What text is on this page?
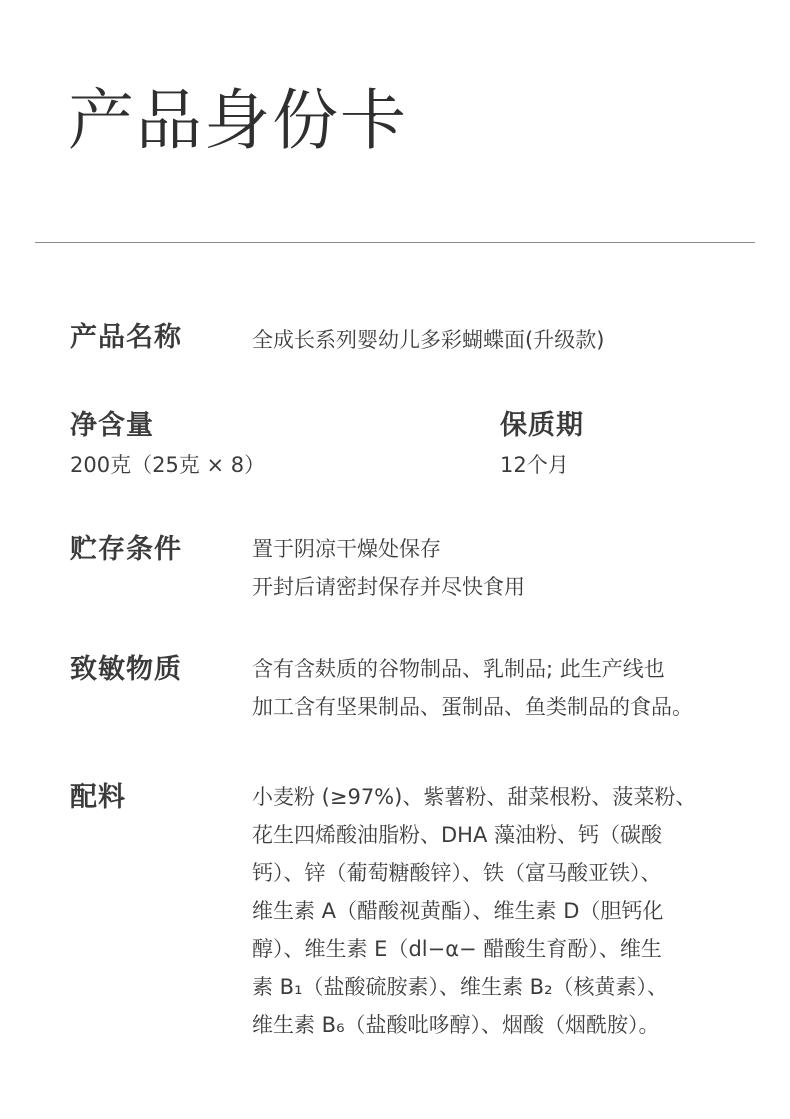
产品身份卡
产品名称	全成长系列婴幼儿多彩蝴蝶面(升级款)
净含量
200克（25克 × 8）
保质期
12个月
贮存条件	置于阴凉干燥处保存
开封后请密封保存并尽快食用
致敏物质	含有含麸质的谷物制品、乳制品; 此生产线也
加工含有坚果制品、蛋制品、鱼类制品的食品。
配料	小麦粉 (≥97%)、紫薯粉、甜菜根粉、菠菜粉、
花生四烯酸油脂粉、DHA 藻油粉、钙（碳酸
钙）、锌（葡萄糖酸锌）、铁（富马酸亚铁）、
维生素 A（醋酸视黄酯）、维生素 D（胆钙化
醇）、维生素 E（dl−α− 醋酸生育酚）、维生
素 B₁（盐酸硫胺素）、维生素 B₂（核黄素）、
维生素 B₆（盐酸吡哆醇）、烟酸（烟酰胺）。
